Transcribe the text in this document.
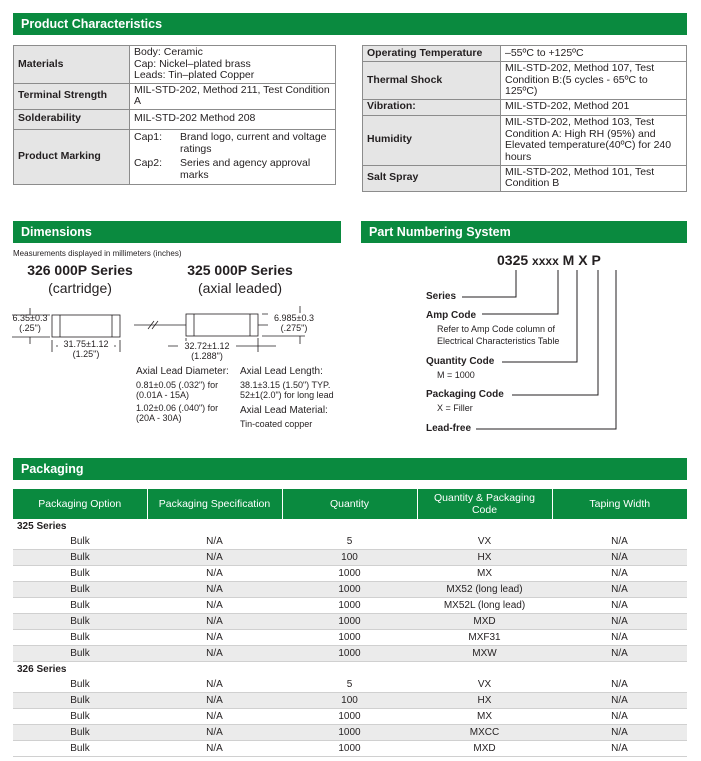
Product Characteristics
Dimensions	Part Numbering System
Packaging
Materials	Body: Ceramic
Cap: Nickel–plated brass
Leads: Tin–plated Copper

Terminal Strength	MIL-STD-202, Method 211, Test Condition A
Solderability	MIL-STD-202 Method 208
Product Marking	Cap1: Brand logo, current and voltage ratings
Cap2: Series and agency approval marks
Operating Temperature	–55ºC to +125ºC
Thermal Shock	MIL-STD-202, Method 107, Test Condition B:(5 cycles - 65ºC to 125ºC)
Vibration:	MIL-STD-202, Method 201
Humidity	MIL-STD-202, Method 103, Test Condition A: High RH (95%) and Elevated temperature(40ºC) for 240 hours
Salt Spray	MIL-STD-202, Method 101, Test Condition B
Measurements displayed in millimeters (inches)
326 000P Series
(cartridge)
325 000P Series
(axial leaded)
6.35±0.3
(.25")
31.75±1.12
(1.25")
6.985±0.3
(.275")
32.72±1.12
(1.288")
Axial Lead Diameter:
0.81±0.05 (.032") for
(0.01A - 15A)
1.02±0.06 (.040") for
(20A - 30A)
Axial Lead Length:
38.1±3.15 (1.50") TYP.
52±1(2.0") for long lead
Axial Lead Material:
Tin-coated copper
0325 xxxx M X P
Series
Amp Code
Refer to Amp Code column of
Electrical Characteristics Table
Quantity Code
M = 1000
Packaging Code
X = Filler
Lead-free
Packaging Option	Packaging Specification	Quantity	Quantity & Packaging Code	Taping Width
325 Series				
Bulk	N/A	5	VX	N/A
Bulk	N/A	100	HX	N/A
Bulk	N/A	1000	MX	N/A
Bulk	N/A	1000	MX52 (long lead)	N/A
Bulk	N/A	1000	MX52L (long lead)	N/A
Bulk	N/A	1000	MXD	N/A
Bulk	N/A	1000	MXF31	N/A
Bulk	N/A	1000	MXW	N/A
326 Series				
Bulk	N/A	5	VX	N/A
Bulk	N/A	100	HX	N/A
Bulk	N/A	1000	MX	N/A
Bulk	N/A	1000	MXCC	N/A
Bulk	N/A	1000	MXD	N/A
